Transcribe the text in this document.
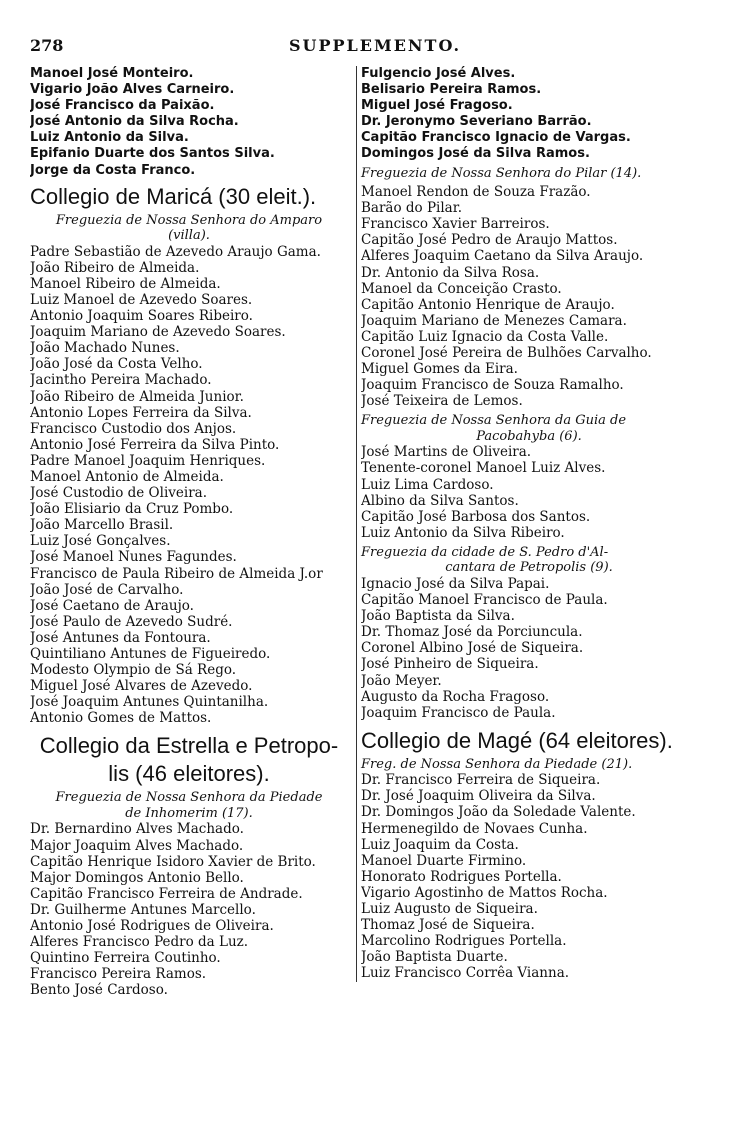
278	SUPPLEMENTO.
Manoel José Monteiro.
Vigario João Alves Carneiro.
José Francisco da Paixão.
José Antonio da Silva Rocha.
Luiz Antonio da Silva.
Epifanio Duarte dos Santos Silva.
Jorge da Costa Franco.
Collegio de Maricá (30 eleit.).
Freguezia de Nossa Senhora do Amparo
(villa).
Padre Sebastião de Azevedo Araujo Gama.
João Ribeiro de Almeida.
Manoel Ribeiro de Almeida.
Luiz Manoel de Azevedo Soares.
Antonio Joaquim Soares Ribeiro.
Joaquim Mariano de Azevedo Soares.
João Machado Nunes.
João José da Costa Velho.
Jacintho Pereira Machado.
João Ribeiro de Almeida Junior.
Antonio Lopes Ferreira da Silva.
Francisco Custodio dos Anjos.
Antonio José Ferreira da Silva Pinto.
Padre Manoel Joaquim Henriques.
Manoel Antonio de Almeida.
José Custodio de Oliveira.
João Elisiario da Cruz Pombo.
João Marcello Brasil.
Luiz José Gonçalves.
José Manoel Nunes Fagundes.
Francisco de Paula Ribeiro de Almeida J.or
João José de Carvalho.
José Caetano de Araujo.
José Paulo de Azevedo Sudré.
José Antunes da Fontoura.
Quintiliano Antunes de Figueiredo.
Modesto Olympio de Sá Rego.
Miguel José Alvares de Azevedo.
José Joaquim Antunes Quintanilha.
Antonio Gomes de Mattos.
Collegio da Estrella e Petropo-
lis (46 eleitores).
Freguezia de Nossa Senhora da Piedade
de Inhomerim (17).
Dr. Bernardino Alves Machado.
Major Joaquim Alves Machado.
Capitão Henrique Isidoro Xavier de Brito.
Major Domingos Antonio Bello.
Capitão Francisco Ferreira de Andrade.
Dr. Guilherme Antunes Marcello.
Antonio José Rodrigues de Oliveira.
Alferes Francisco Pedro da Luz.
Quintino Ferreira Coutinho.
Francisco Pereira Ramos.
Bento José Cardoso.
Fulgencio José Alves.
Belisario Pereira Ramos.
Miguel José Fragoso.
Dr. Jeronymo Severiano Barrão.
Capitão Francisco Ignacio de Vargas.
Domingos José da Silva Ramos.
Freguezia de Nossa Senhora do Pilar (14).
Manoel Rendon de Souza Frazão.
Barão do Pilar.
Francisco Xavier Barreiros.
Capitão José Pedro de Araujo Mattos.
Alferes Joaquim Caetano da Silva Araujo.
Dr. Antonio da Silva Rosa.
Manoel da Conceição Crasto.
Capitão Antonio Henrique de Araujo.
Joaquim Mariano de Menezes Camara.
Capitão Luiz Ignacio da Costa Valle.
Coronel José Pereira de Bulhões Carvalho.
Miguel Gomes da Eira.
Joaquim Francisco de Souza Ramalho.
José Teixeira de Lemos.
Freguezia de Nossa Senhora da Guia de
Pacobahyba (6).
José Martins de Oliveira.
Tenente-coronel Manoel Luiz Alves.
Luiz Lima Cardoso.
Albino da Silva Santos.
Capitão José Barbosa dos Santos.
Luiz Antonio da Silva Ribeiro.
Freguezia da cidade de S. Pedro d'Al-
cantara de Petropolis (9).
Ignacio José da Silva Papai.
Capitão Manoel Francisco de Paula.
João Baptista da Silva.
Dr. Thomaz José da Porciuncula.
Coronel Albino José de Siqueira.
José Pinheiro de Siqueira.
João Meyer.
Augusto da Rocha Fragoso.
Joaquim Francisco de Paula.
Collegio de Magé (64 eleitores).
Freg. de Nossa Senhora da Piedade (21).
Dr. Francisco Ferreira de Siqueira.
Dr. José Joaquim Oliveira da Silva.
Dr. Domingos João da Soledade Valente.
Hermenegildo de Novaes Cunha.
Luiz Joaquim da Costa.
Manoel Duarte Firmino.
Honorato Rodrigues Portella.
Vigario Agostinho de Mattos Rocha.
Luiz Augusto de Siqueira.
Thomaz José de Siqueira.
Marcolino Rodrigues Portella.
João Baptista Duarte.
Luiz Francisco Corrêa Vianna.
